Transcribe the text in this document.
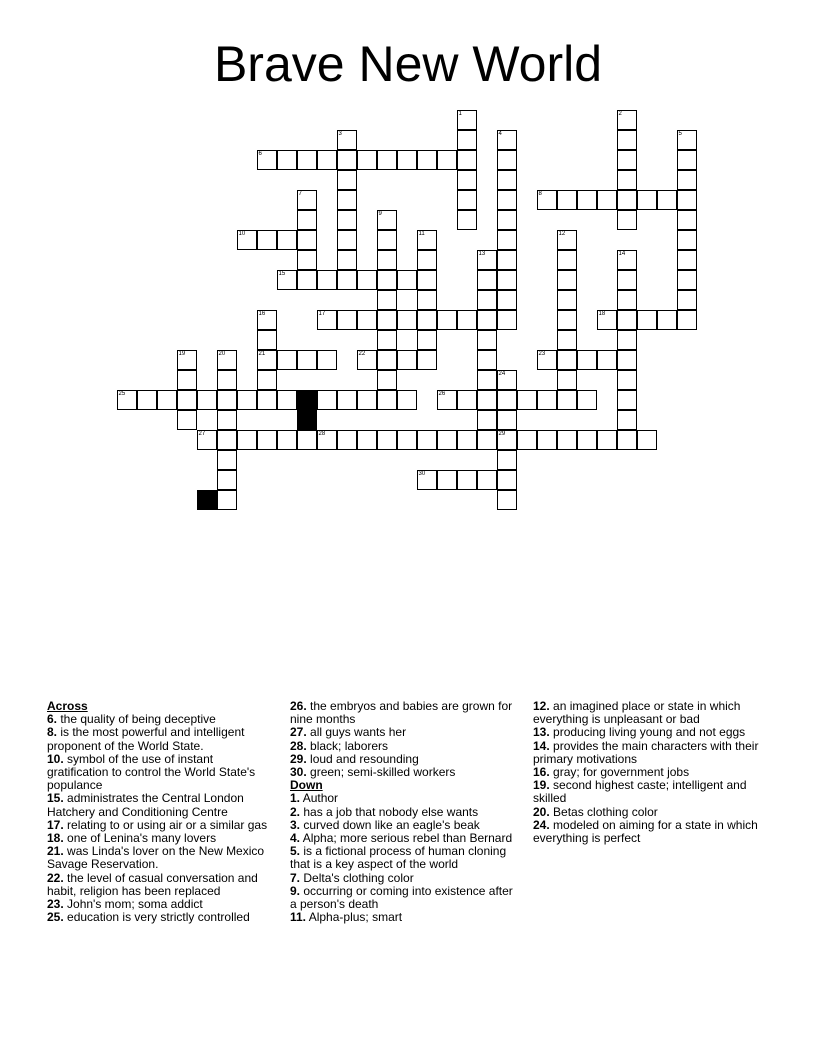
Brave New World
1	2
3	4	5
6
7	8
9
10	11	12
13	14
15
16
21
17	18
19	20	22	23
24
29
25	26
27	28
30
Across
6. the quality of being deceptive
8. is the most powerful and intelligent proponent of the World State.
10. symbol of the use of instant gratification to control the World State's populance
15. administrates the Central London Hatchery and Conditioning Centre
17. relating to or using air or a similar gas
18. one of Lenina's many lovers
21. was Linda's lover on the New Mexico Savage Reservation.
22. the level of casual conversation and habit, religion has been replaced
23. John's mom; soma addict
25. education is very strictly controlled
26. the embryos and babies are grown for nine months
27. all guys wants her
28. black; laborers
29. loud and resounding
30. green; semi-skilled workers
Down
1. Author
2. has a job that nobody else wants
3. curved down like an eagle's beak
4. Alpha; more serious rebel than Bernard
5. is a fictional process of human cloning that is a key aspect of the world
7. Delta's clothing color
9. occurring or coming into existence after a person's death
11. Alpha-plus; smart
12. an imagined place or state in which everything is unpleasant or bad
13. producing living young and not eggs
14. provides the main characters with their primary motivations
16. gray; for government jobs
19. second highest caste; intelligent and skilled
20. Betas clothing color
24. modeled on aiming for a state in which everything is perfect
